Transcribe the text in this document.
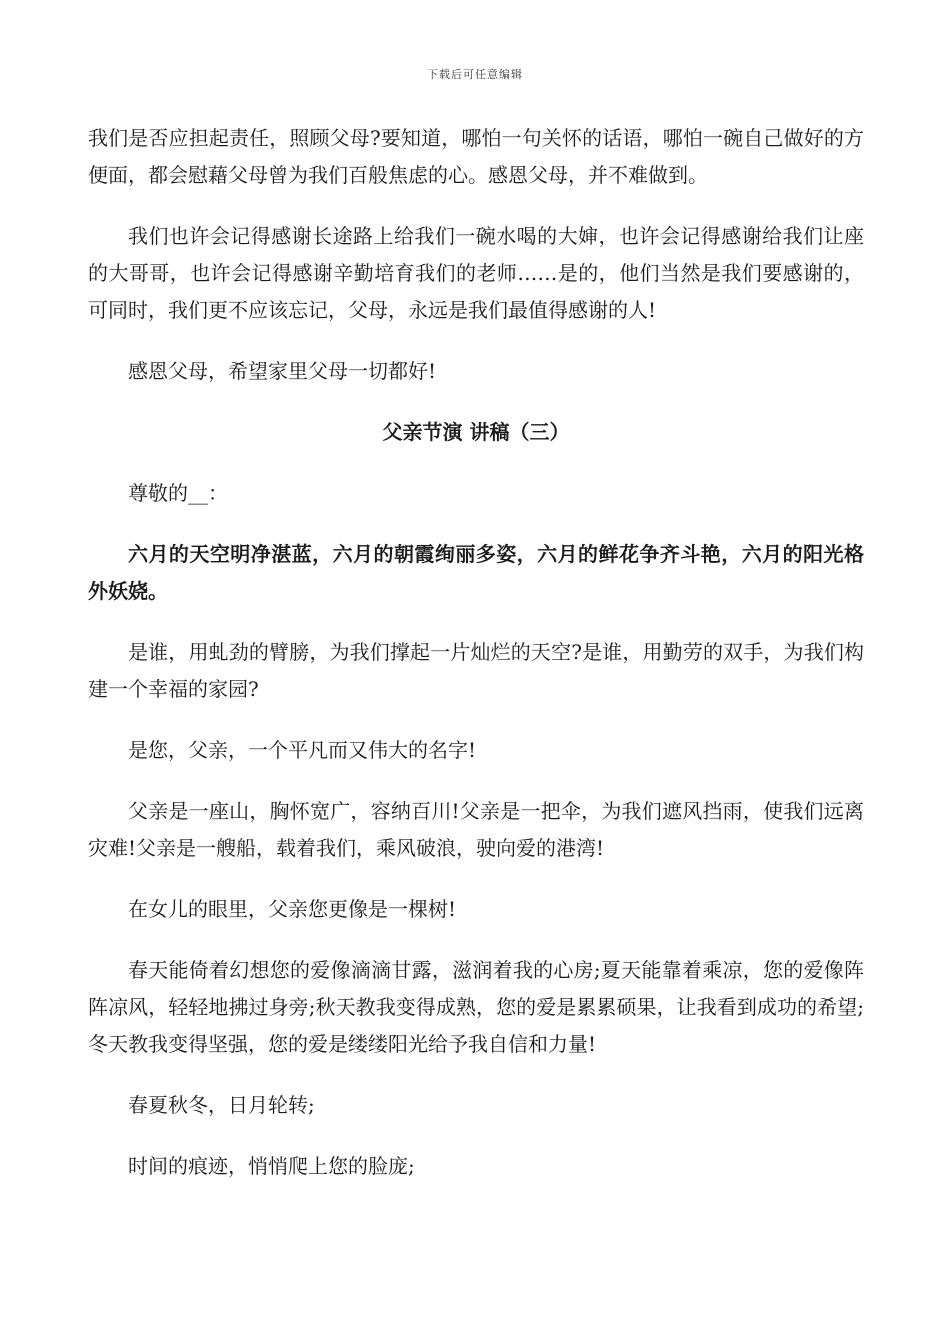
下载后可任意编辑

我们是否应担起责任，照顾父母?要知道，哪怕一句关怀的话语，哪怕一碗自己做好的方便面，都会慰藉父母曾为我们百般焦虑的心。感恩父母，并不难做到。

我们也许会记得感谢长途路上给我们一碗水喝的大婶，也许会记得感谢给我们让座的大哥哥，也许会记得感谢辛勤培育我们的老师……是的，他们当然是我们要感谢的，可同时，我们更不应该忘记，父母，永远是我们最值得感谢的人!

感恩父母，希望家里父母一切都好!

父亲节演 讲稿（三）

尊敬的__：

六月的天空明净湛蓝，六月的朝霞绚丽多姿，六月的鲜花争齐斗艳，六月的阳光格外妖娆。

是谁，用虬劲的臂膀，为我们撑起一片灿烂的天空?是谁，用勤劳的双手，为我们构建一个幸福的家园?

是您，父亲，一个平凡而又伟大的名字!

父亲是一座山，胸怀宽广，容纳百川!父亲是一把伞，为我们遮风挡雨，使我们远离灾难!父亲是一艘船，载着我们，乘风破浪，驶向爱的港湾!

在女儿的眼里，父亲您更像是一棵树!

春天能倚着幻想您的爱像滴滴甘露，滋润着我的心房;夏天能靠着乘凉，您的爱像阵阵凉风，轻轻地拂过身旁;秋天教我变得成熟，您的爱是累累硕果，让我看到成功的希望;冬天教我变得坚强，您的爱是缕缕阳光给予我自信和力量!

春夏秋冬，日月轮转;

时间的痕迹，悄悄爬上您的脸庞;
